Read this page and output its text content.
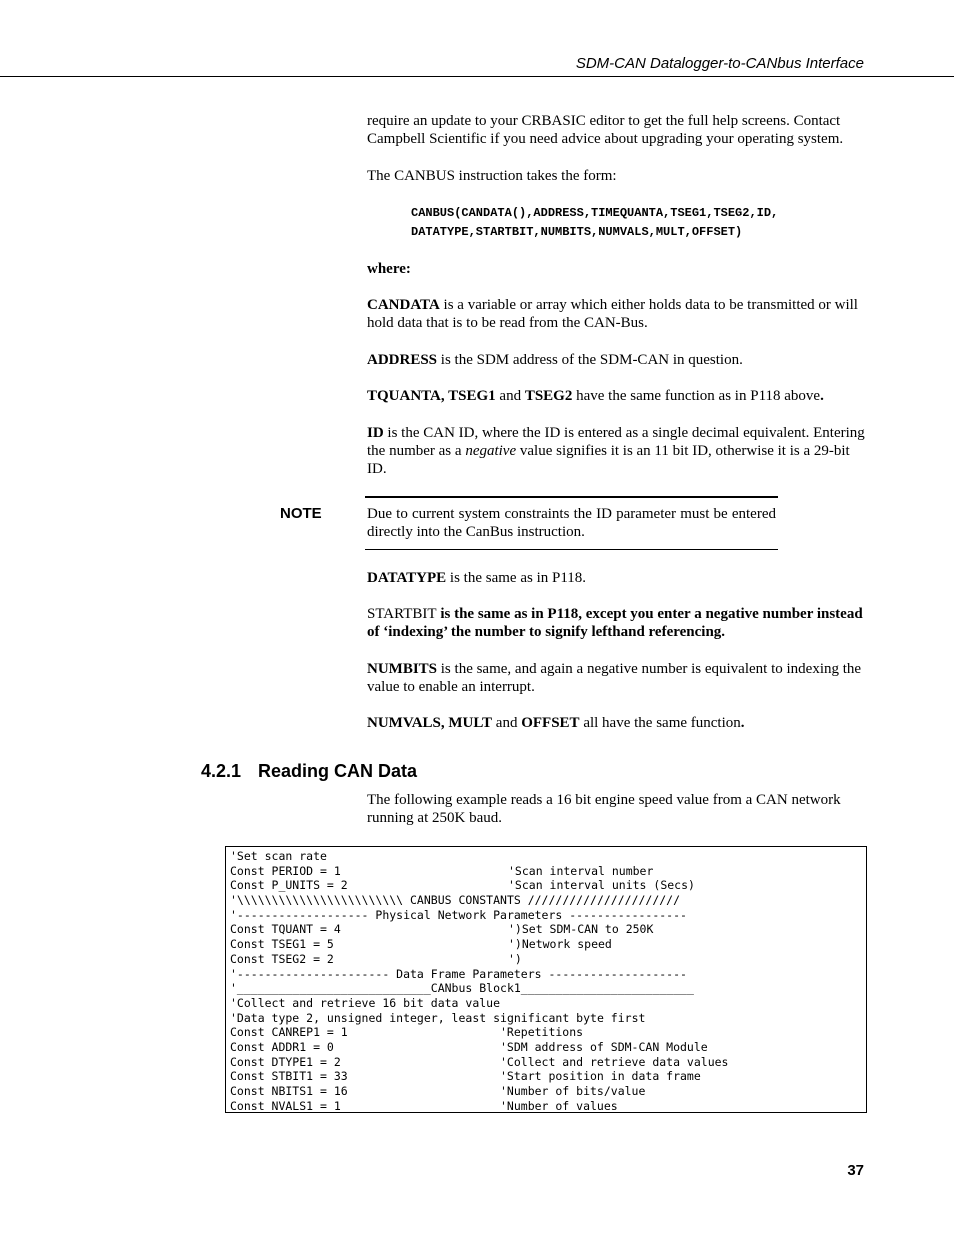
SDM-CAN Datalogger-to-CANbus Interface
require an update to your CRBASIC editor to get the full help screens. Contact Campbell Scientific if you need advice about upgrading your operating system.
The CANBUS instruction takes the form:
CANBUS(CANDATA(),ADDRESS,TIMEQUANTA,TSEG1,TSEG2,ID,
DATATYPE,STARTBIT,NUMBITS,NUMVALS,MULT,OFFSET)
where:
CANDATA is a variable or array which either holds data to be transmitted or will hold data that is to be read from the CAN-Bus.
ADDRESS is the SDM address of the SDM-CAN in question.
TQUANTA, TSEG1 and TSEG2 have the same function as in P118 above.
ID is the CAN ID, where the ID is entered as a single decimal equivalent. Entering the number as a negative value signifies it is an 11 bit ID, otherwise it is a 29-bit ID.
NOTE	Due to current system constraints the ID parameter must be entered directly into the CanBus instruction.
DATATYPE is the same as in P118.
STARTBIT is the same as in P118, except you enter a negative number instead of ‘indexing’ the number to signify lefthand referencing.
NUMBITS is the same, and again a negative number is equivalent to indexing the value to enable an interrupt.
NUMVALS, MULT and OFFSET all have the same function.
4.2.1 Reading CAN Data
The following example reads a 16 bit engine speed value from a CAN network running at 250K baud.
'Set scan rate
Const PERIOD = 1	'Scan interval number
Const P_UNITS = 2	'Scan interval units (Secs)
'\\\\\\\\\\\\\\\\\\\\\\\\ CANBUS CONSTANTS //////////////////////
'------------------- Physical Network Parameters -----------------
Const TQUANT = 4	')Set SDM-CAN to 250K
Const TSEG1 = 5	')Network speed
Const TSEG2 = 2	')
'---------------------- Data Frame Parameters --------------------
'____________________________CANbus Block1_________________________
'Collect and retrieve 16 bit data value
'Data type 2, unsigned integer, least significant byte first
Const CANREP1 = 1	'Repetitions
Const ADDR1 = 0	'SDM address of SDM-CAN Module
Const DTYPE1 = 2	'Collect and retrieve data values
Const STBIT1 = 33	'Start position in data frame
Const NBITS1 = 16	'Number of bits/value
Const NVALS1 = 1	'Number of values
37
